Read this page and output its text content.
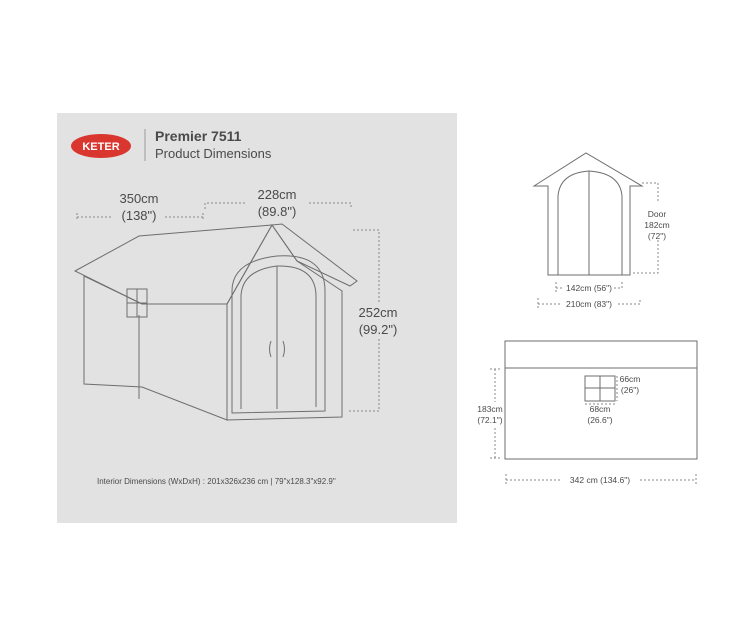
KETER
Premier 7511
Product Dimensions
350cm
(138")
228cm
(89.8")
252cm
(99.2")
Interior Dimensions (WxDxH) : 201x326x236 cm | 79"x128.3"x92.9"
Door
182cm
(72")
142cm (56")
210cm (83")
183cm
(72.1")
66cm
(26")
68cm
(26.6")
342 cm (134.6")
